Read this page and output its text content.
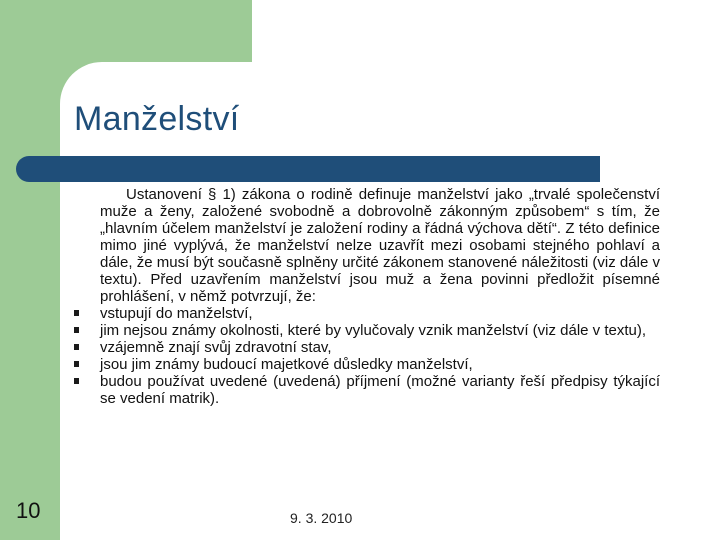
Manželství

Ustanovení § 1) zákona o rodině definuje manželství jako „trvalé společenství muže a ženy, založené svobodně a dobrovolně zákonným způsobem“ s tím, že „hlavním účelem manželství je založení rodiny a řádná výchova dětí“. Z této definice mimo jiné vyplývá, že manželství nelze uzavřít mezi osobami stejného pohlaví a dále, že musí být současně splněny určité zákonem stanovené náležitosti (viz dále v textu). Před uzavřením manželství jsou muž a žena povinni předložit písemné prohlášení, v němž potvrzují, že:

vstupují do manželství,
jim nejsou známy okolnosti, které by vylučovaly vznik manželství (viz dále v textu),
vzájemně znají svůj zdravotní stav,
jsou jim známy budoucí majetkové důsledky manželství,
budou používat uvedené (uvedená) příjmení (možné varianty řeší předpisy týkající se vedení matrik).
10	9. 3. 2010
